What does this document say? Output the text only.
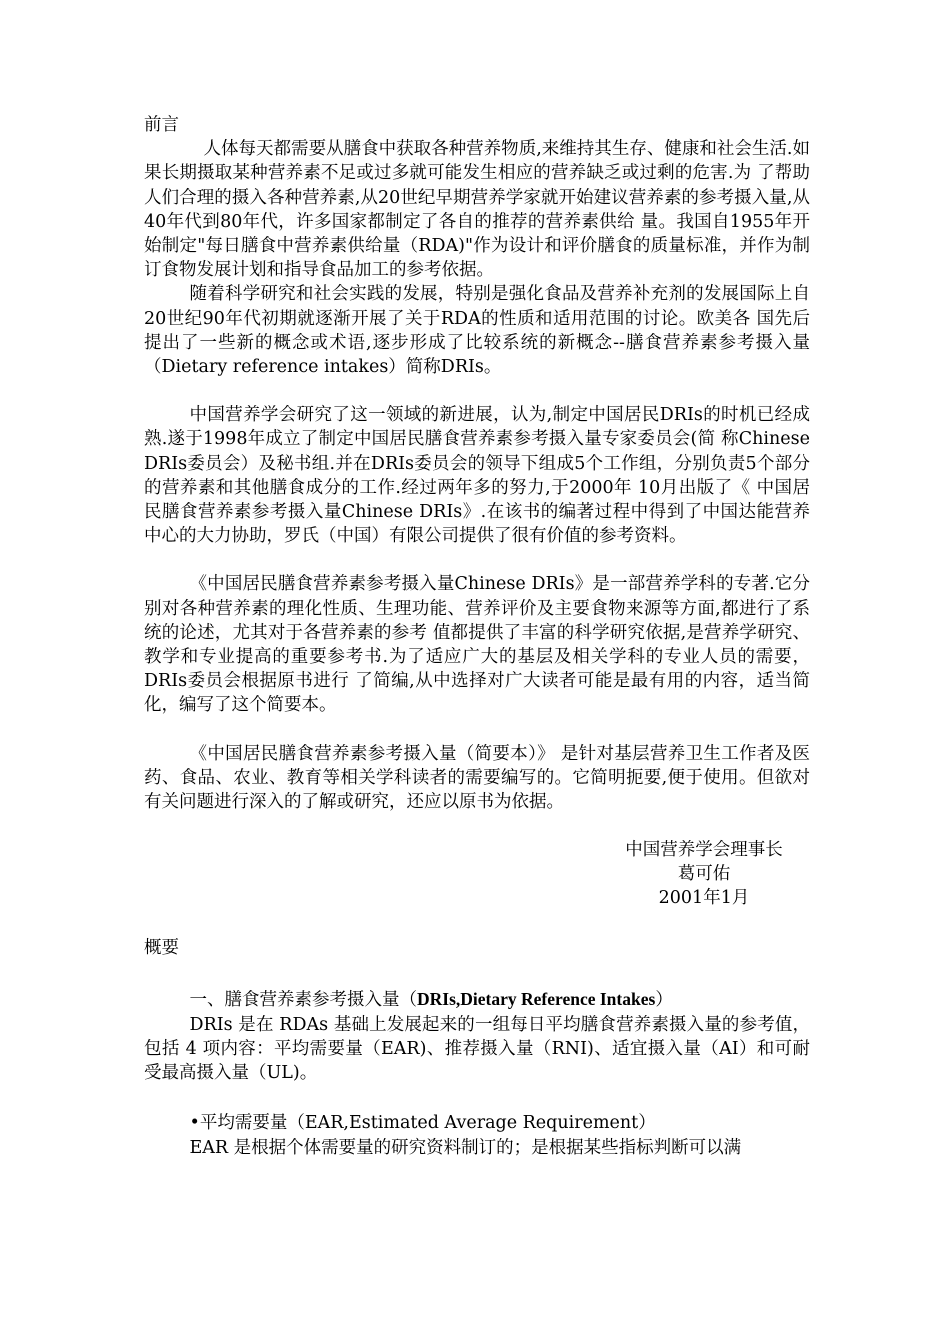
前言

人体每天都需要从膳食中获取各种营养物质,来维持其生存、健康和社会生活.如果长期摄取某种营养素不足或过多就可能发生相应的营养缺乏或过剩的危害.为 了帮助人们合理的摄入各种营养素,从20世纪早期营养学家就开始建议营养素的参考摄入量,从40年代到80年代，许多国家都制定了各自的推荐的营养素供给 量。我国自1955年开始制定"每日膳食中营养素供给量（RDA)"作为设计和评价膳食的质量标准，并作为制订食物发展计划和指导食品加工的参考依据。

随着科学研究和社会实践的发展，特别是强化食品及营养补充剂的发展国际上自20世纪90年代初期就逐渐开展了关于RDA的性质和适用范围的讨论。欧美各 国先后提出了一些新的概念或术语,逐步形成了比较系统的新概念--膳食营养素参考摄入量（Dietary reference intakes）简称DRIs。

中国营养学会研究了这一领域的新进展，认为,制定中国居民DRIs的时机已经成熟.遂于1998年成立了制定中国居民膳食营养素参考摄入量专家委员会(简 称Chinese DRIs委员会）及秘书组.并在DRIs委员会的领导下组成5个工作组，分别负责5个部分的营养素和其他膳食成分的工作.经过两年多的努力,于2000年 10月出版了《 中国居民膳食营养素参考摄入量Chinese DRIs》.在该书的编著过程中得到了中国达能营养中心的大力协助，罗氏（中国）有限公司提供了很有价值的参考资料。

《中国居民膳食营养素参考摄入量Chinese DRIs》是一部营养学科的专著.它分别对各种营养素的理化性质、生理功能、营养评价及主要食物来源等方面,都进行了系统的论述，尤其对于各营养素的参考 值都提供了丰富的科学研究依据,是营养学研究、教学和专业提高的重要参考书.为了适应广大的基层及相关学科的专业人员的需要，DRIs委员会根据原书进行 了简编,从中选择对广大读者可能是最有用的内容，适当简化，编写了这个简要本。

《中国居民膳食营养素参考摄入量（简要本）》 是针对基层营养卫生工作者及医药、食品、农业、教育等相关学科读者的需要编写的。它简明扼要,便于使用。但欲对有关问题进行深入的了解或研究，还应以原书为依据。

中国营养学会理事长
葛可佑
2001年1月
概要
一、膳食营养素参考摄入量（DRIs,Dietary Reference Intakes）

DRIs 是在 RDAs 基础上发展起来的一组每日平均膳食营养素摄入量的参考值，包括 4 项内容：平均需要量（EAR)、推荐摄入量（RNI)、适宜摄入量（AI）和可耐受最高摄入量（UL)。

•平均需要量（EAR,Estimated Average Requirement）

EAR 是根据个体需要量的研究资料制订的；是根据某些指标判断可以满
